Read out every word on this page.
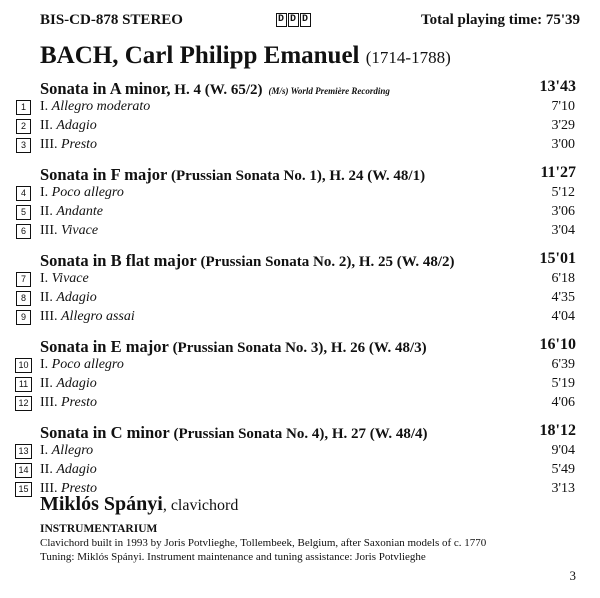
BIS-CD-878 STEREO	D D D	Total playing time: 75'39
BACH, Carl Philipp Emanuel (1714-1788)
Sonata in A minor, H. 4 (W. 65/2) (M/s) World Première Recording	13'43
1	I. Allegro moderato	7'10
2	II. Adagio	3'29
3	III. Presto	3'00
Sonata in F major (Prussian Sonata No. 1), H. 24 (W. 48/1)	11'27
4	I. Poco allegro	5'12
5	II. Andante	3'06
6	III. Vivace	3'04
Sonata in B flat major (Prussian Sonata No. 2), H. 25 (W. 48/2)	15'01
7	I. Vivace	6'18
8	II. Adagio	4'35
9	III. Allegro assai	4'04
Sonata in E major (Prussian Sonata No. 3), H. 26 (W. 48/3)	16'10
10 I. Poco allegro	6'39
11 II. Adagio	5'19
12 III. Presto	4'06
Sonata in C minor (Prussian Sonata No. 4), H. 27 (W. 48/4)	18'12
13 I. Allegro	9'04
14 II. Adagio	5'49
15 III. Presto	3'13
Miklós Spányi, clavichord
INSTRUMENTARIUM
Clavichord built in 1993 by Joris Potvlieghe, Tollembeek, Belgium, after Saxonian models of c. 1770
Tuning: Miklós Spányi. Instrument maintenance and tuning assistance: Joris Potvlieghe
3
